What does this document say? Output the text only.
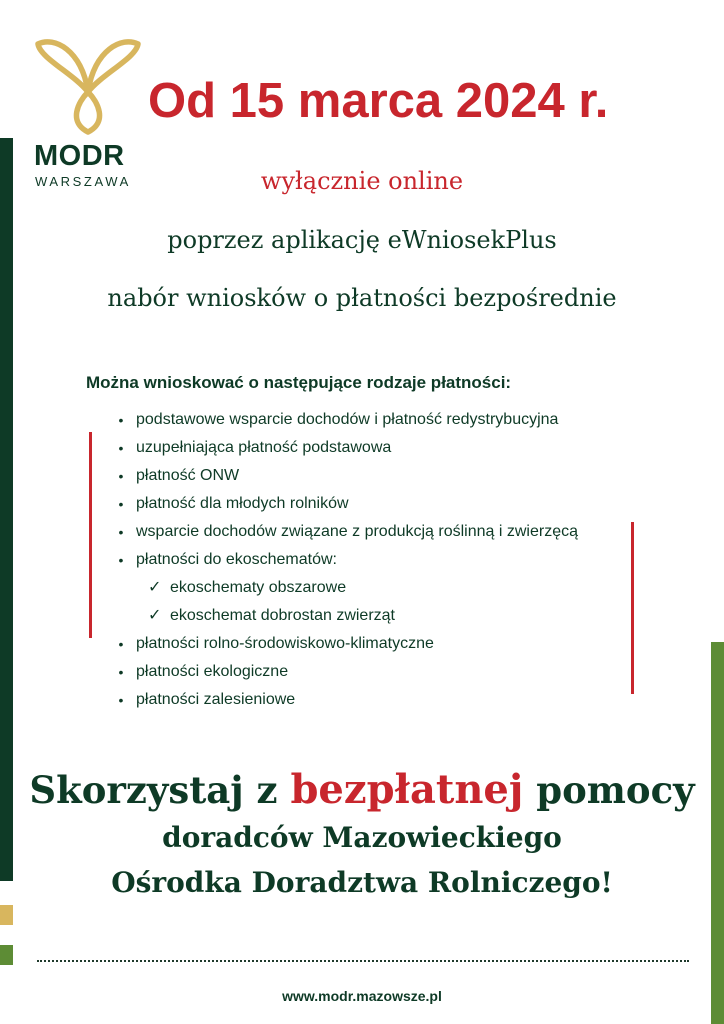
MODR
WARSZAWA
Od 15 marca 2024 r.
wyłącznie online
poprzez aplikację eWniosekPlus
nabór wniosków o płatności bezpośrednie
Można wnioskować o następujące rodzaje płatności:
• podstawowe wsparcie dochodów i płatność redystrybucyjna
• uzupełniająca płatność podstawowa
• płatność ONW
• płatność dla młodych rolników
• wsparcie dochodów związane z produkcją roślinną i zwierzęcą
• płatności do ekoschematów:
✓ ekoschematy obszarowe
✓ ekoschemat dobrostan zwierząt
• płatności rolno-środowiskowo-klimatyczne
• płatności ekologiczne
• płatności zalesieniowe
Skorzystaj z bezpłatnej pomocy
doradców Mazowieckiego
Ośrodka Doradztwa Rolniczego!
www.modr.mazowsze.pl
